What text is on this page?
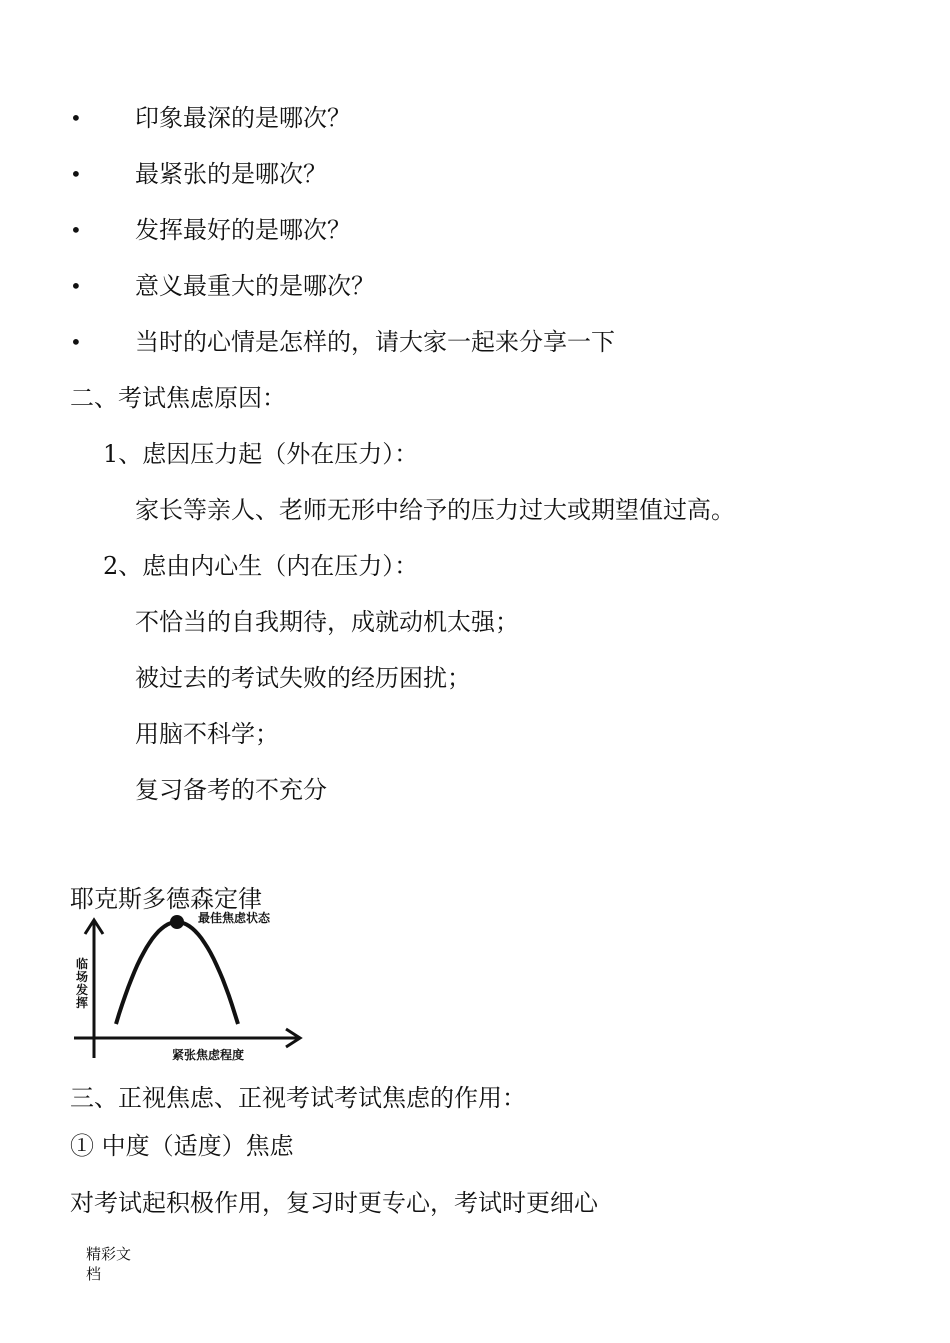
• 印象最深的是哪次？
• 最紧张的是哪次？
• 发挥最好的是哪次？
• 意义最重大的是哪次？
• 当时的心情是怎样的，请大家一起来分享一下
二、考试焦虑原因：
1、虑因压力起（外在压力）：
家长等亲人、老师无形中给予的压力过大或期望值过高。
2、虑由内心生（内在压力）：
不恰当的自我期待，成就动机太强；
被过去的考试失败的经历困扰；
用脑不科学；
复习备考的不充分
耶克斯多德森定律
最佳焦虑状态
临场发挥
紧张焦虑程度
三、正视焦虑、正视考试考试焦虑的作用：
① 中度（适度）焦虑
对考试起积极作用，复习时更专心，考试时更细心
精彩文
档
